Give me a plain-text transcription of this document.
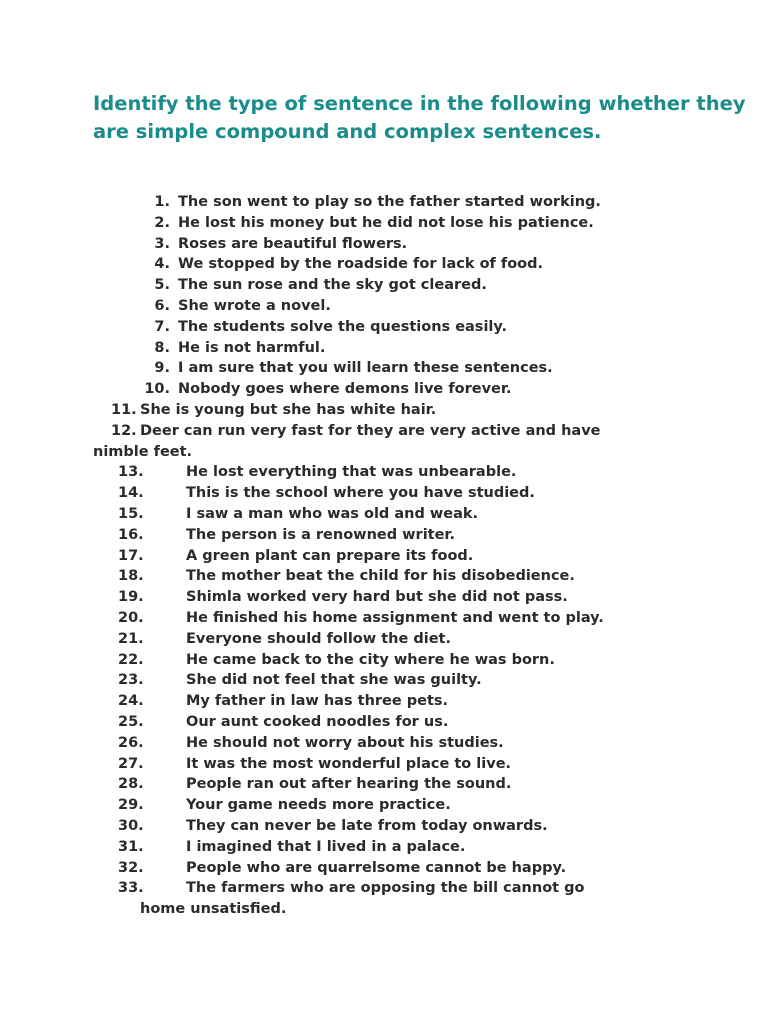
Identify the type of sentence in the following whether they are simple compound and complex sentences.
1. The son went to play so the father started working.
2. He lost his money but he did not lose his patience.
3. Roses are beautiful flowers.
4. We stopped by the roadside for lack of food.
5. The sun rose and the sky got cleared.
6. She wrote a novel.
7. The students solve the questions easily.
8. He is not harmful.
9. I am sure that you will learn these sentences.
10. Nobody goes where demons live forever.
11. She is young but she has white hair.
12. Deer can run very fast for they are very active and have
nimble feet.
13.	He lost everything that was unbearable.
14.	This is the school where you have studied.
15.	I saw a man who was old and weak.
16.	The person is a renowned writer.
17.	A green plant can prepare its food.
18.	The mother beat the child for his disobedience.
19.	Shimla worked very hard but she did not pass.
20.	He finished his home assignment and went to play.
21.	Everyone should follow the diet.
22.	He came back to the city where he was born.
23.	She did not feel that she was guilty.
24.	My father in law has three pets.
25.	Our aunt cooked noodles for us.
26.	He should not worry about his studies.
27.	It was the most wonderful place to live.
28.	People ran out after hearing the sound.
29.	Your game needs more practice.
30.	They can never be late from today onwards.
31.	I imagined that I lived in a palace.
32.	People who are quarrelsome cannot be happy.
33.	The farmers who are opposing the bill cannot go
home unsatisfied.
